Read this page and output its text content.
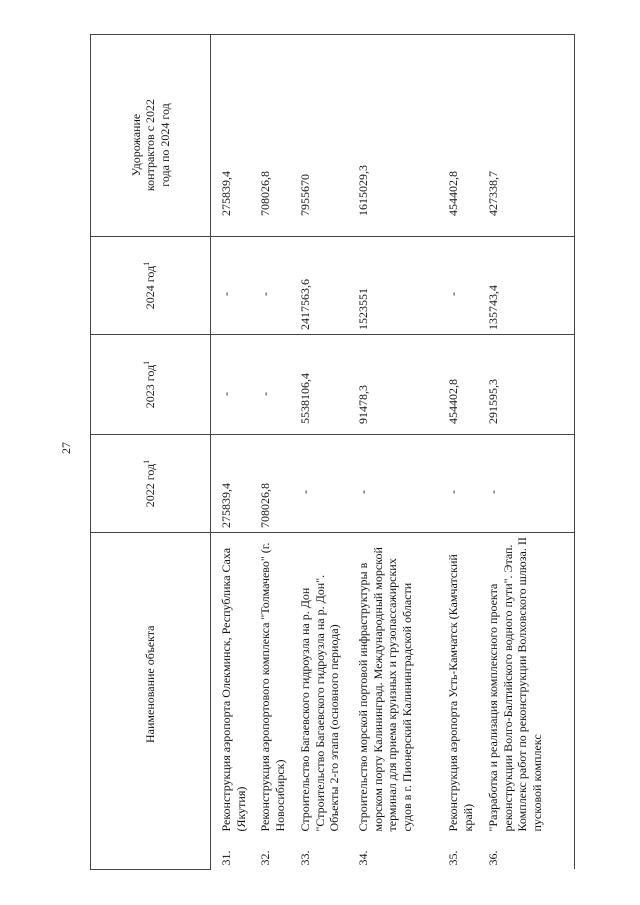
27
	Наименование объекта	2022 год$^1$	2023 год$^1$	2024 год$^1$	Удорожание контрактов с 2022 года по 2024 год

31.	Реконструкция аэропорта Олекминск, Республика Саха (Якутия)	275839,4	-	-	275839,4
32.	Реконструкция аэропортового комплекса "Толмачево" (г. Новосибирск)	708026,8	-	-	708026,8
33.	Строительство Багаевского гидроузла на р. Дон "Строительство Багаевского гидроузла на р. Дон". Объекты 2-го этапа (основного периода)	-	5538106,4	2417563,6	7955670
34.	Строительство морской портовой инфраструктуры в морском порту Калининград. Международный морской терминал для приема круизных и грузопассажирских судов в г. Пионерский Калининградской области	-	91478,3	1523551	1615029,3
35.	Реконструкция аэропорта Усть-Камчатск (Камчатский край)	-	454402,8	-	454402,8
36.	"Разработка и реализация комплексного проекта реконструкции Волго-Балтийского водного пути". Этап. Комплекс работ по реконструкции Волховского шлюза. II пусковой комплекс	-	291595,3	135743,4	427338,7
